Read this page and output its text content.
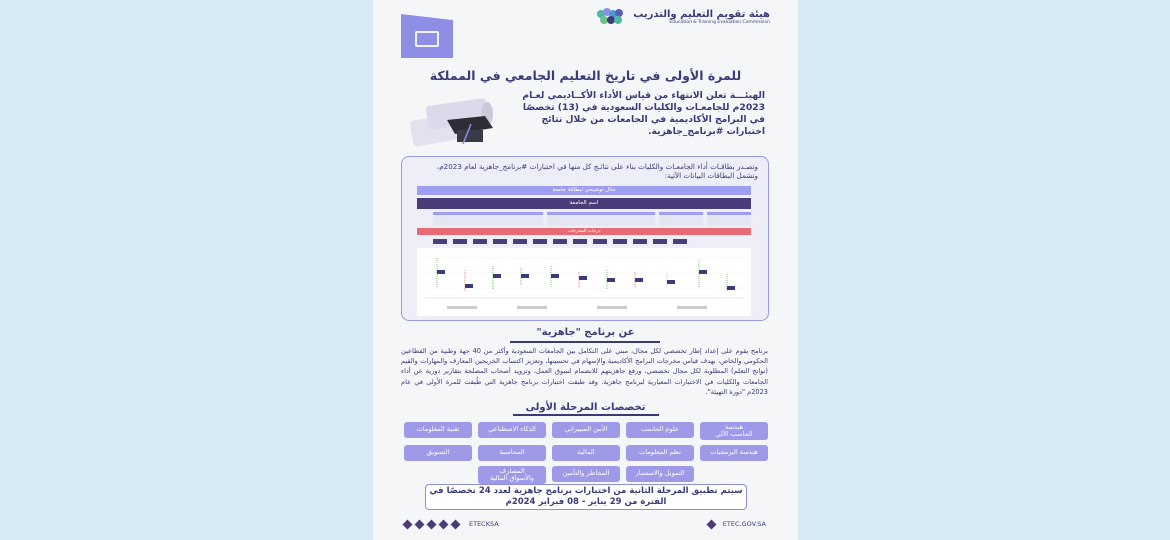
هيئة تقويم التعليم والتدريب
Education & Training Evaluation Commission
للمرة الأولى في تاريخ التعليم الجامعي في المملكة
الهيئـــة تعلن الانتهاء من قياس الأداء الأكــاديمي لعـام 2023م للجامعـات والكليات السعودية في (13) تخصصًا في البرامج الأكاديمية في الجامعات من خلال نتائج اختبارات #برنامج_جاهزية.
وتصـدر بطاقـات أداء الجامعـات والكليات بناء على نتائـج كل منها في اختبارات #برنامج_جاهزية لعام 2023م، وتشمل البطاقات البيانات الآتية:
مثال توضيحي لبطاقة جامعة
اسم الجامعة
درجات المخرجات
عن برنامج "جاهزية"
برنامج يقوم على إعداد إطار تخصصي لكل مجال، مبني على التكامل بين الجامعات السعودية وأكثر من 40 جهة وطنية من القطاعين الحكومي والخاص، بهدف قياس مخرجات البرامج الأكاديمية والإسهام في تحسينها، وتعزيز اكتساب الخريجين المعارف والمهارات والقيم (نواتج التعلم) المطلوبة لكل مجال تخصصي، ورفع جاهزيتهم للانضمام لسوق العمل، وتزويد أصحاب المصلحة بتقارير دورية عن أداء الجامعات والكليات في الاختبارات المعيارية لبرنامج جاهزية. وقد طبقت اختبارات برنامج جاهزية التي طُبقت للمرة الأولى في عام 2023م "دورة التهيئة".
تخصصات المرحلة الأولى
هندسة
الحاسب الآلي
علوم الحاسب
الأمن السيبراني
الذكاء الاصطناعي
تقنية المعلومات
هندسة البرمجيات
نظم المعلومات
المالية
المحاسبة
التسويق
التمويل والاستثمار
المخاطر والتأمين
المصارف
والأسواق المالية
سيتم تطبيق المرحلة الثانية من اختبارات برنامج جاهزية لعدد 24 تخصصًا في الفترة من 29 يناير - 08 فبراير 2024م
ETECKSA	ETEC.GOV.SA
